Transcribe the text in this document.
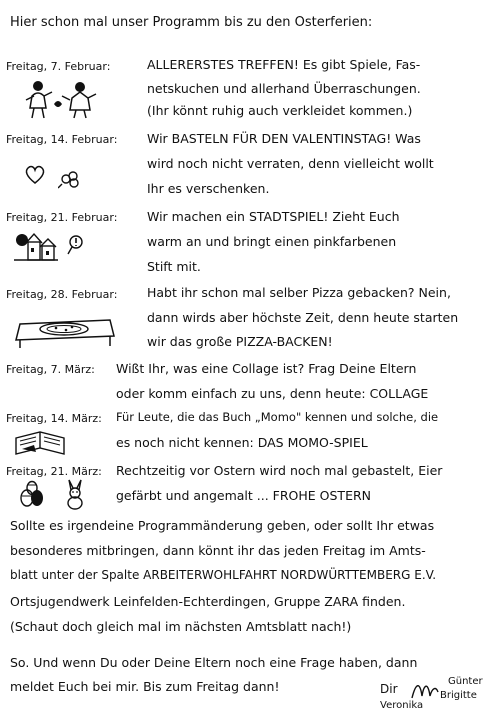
Hier schon mal unser Programm bis zu den Osterferien:
Freitag, 7. Februar:	ALLERERSTES TREFFEN! Es gibt Spiele, Fas-
netskuchen und allerhand Überraschungen.
(Ihr könnt ruhig auch verkleidet kommen.)
Freitag, 14. Februar: Wir BASTELN FÜR DEN VALENTINSTAG! Was
wird noch nicht verraten, denn vielleicht wollt
Ihr es verschenken.
Freitag, 21. Februar: Wir machen ein STADTSPIEL! Zieht Euch
warm an und bringt einen pinkfarbenen
Stift mit.
Freitag, 28. Februar: Habt ihr schon mal selber Pizza gebacken? Nein,
dann wirds aber höchste Zeit, denn heute starten
wir das große PIZZA-BACKEN!
Freitag, 7. März: Wißt Ihr, was eine Collage ist? Frag Deine Eltern
oder komm einfach zu uns, denn heute: COLLAGE
Freitag, 14. März: Für Leute, die das Buch „Momo" kennen und solche, die
es noch nicht kennen: DAS MOMO-SPIEL
Freitag, 21. März: Rechtzeitig vor Ostern wird noch mal gebastelt, Eier
gefärbt und angemalt ... FROHE OSTERN
Sollte es irgendeine Programmänderung geben, oder sollt Ihr etwas
besonderes mitbringen, dann könnt ihr das jeden Freitag im Amts-
blatt unter der Spalte ARBEITERWOHLFAHRT NORDWÜRTTEMBERG E.V.
Ortsjugendwerk Leinfelden-Echterdingen, Gruppe ZARA finden.
(Schaut doch gleich mal im nächsten Amtsblatt nach!)
So. Und wenn Du oder Deine Eltern noch eine Frage haben, dann
meldet Euch bei mir. Bis zum Freitag dann!	Dir
Veronika
Günter
Brigitte
